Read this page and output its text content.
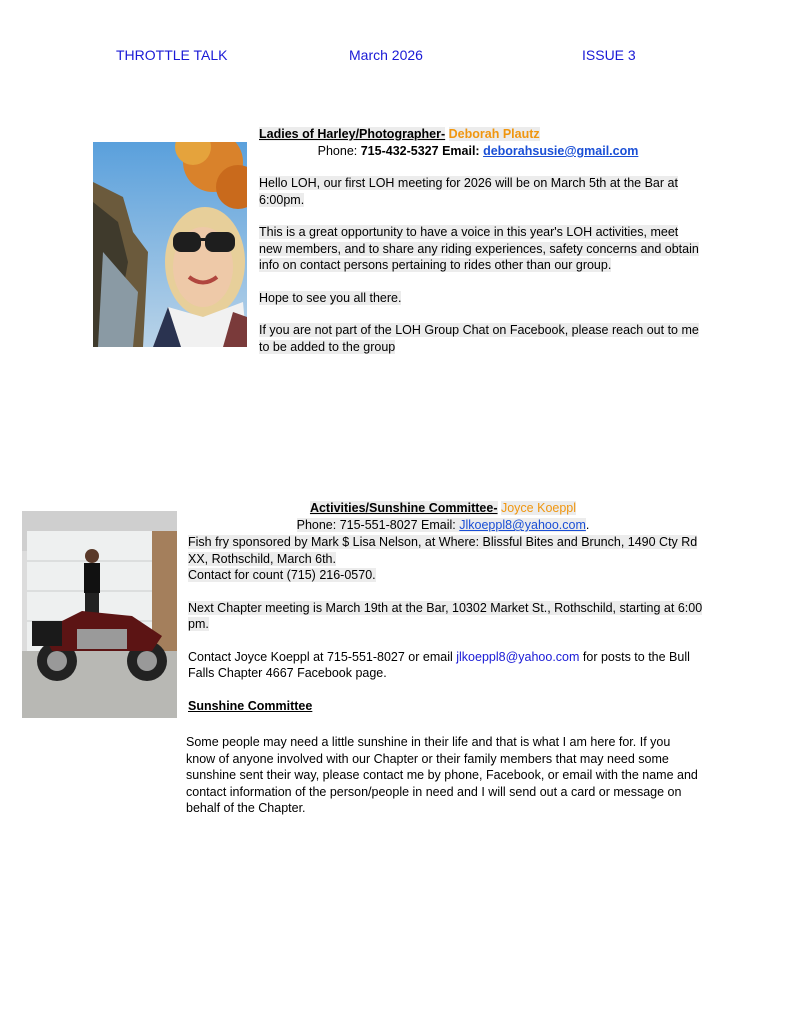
THROTTLE TALK	March 2026	ISSUE 3
Ladies of Harley/Photographer- Deborah Plautz
Phone: 715-432-5327 Email: deborahsusie@gmail.com

Hello LOH, our first LOH meeting for 2026 will be on March 5th at the Bar at 6:00pm.

This is a great opportunity to have a voice in this year's LOH activities, meet new members, and to share any riding experiences, safety concerns and obtain info on contact persons pertaining to rides other than our group.

Hope to see you all there.

If you are not part of the LOH Group Chat on Facebook, please reach out to me to be added to the group

Activities/Sunshine Committee- Joyce Koeppl
Phone: 715-551-8027 Email: Jlkoeppl8@yahoo.com.

Fish fry sponsored by Mark $ Lisa Nelson, at Where: Blissful Bites and Brunch, 1490 Cty Rd XX, Rothschild, March 6th.

Contact for count (715) 216-0570.

Next Chapter meeting is March 19th at the Bar, 10302 Market St., Rothschild, starting at 6:00 pm.

Contact Joyce Koeppl at 715-551-8027 or email jlkoeppl8@yahoo.com for posts to the Bull Falls Chapter 4667 Facebook page.

Sunshine Committee

Some people may need a little sunshine in their life and that is what I am here for. If you know of anyone involved with our Chapter or their family members that may need some sunshine sent their way, please contact me by phone, Facebook, or email with the name and contact information of the person/people in need and I will send out a card or message on behalf of the Chapter.
